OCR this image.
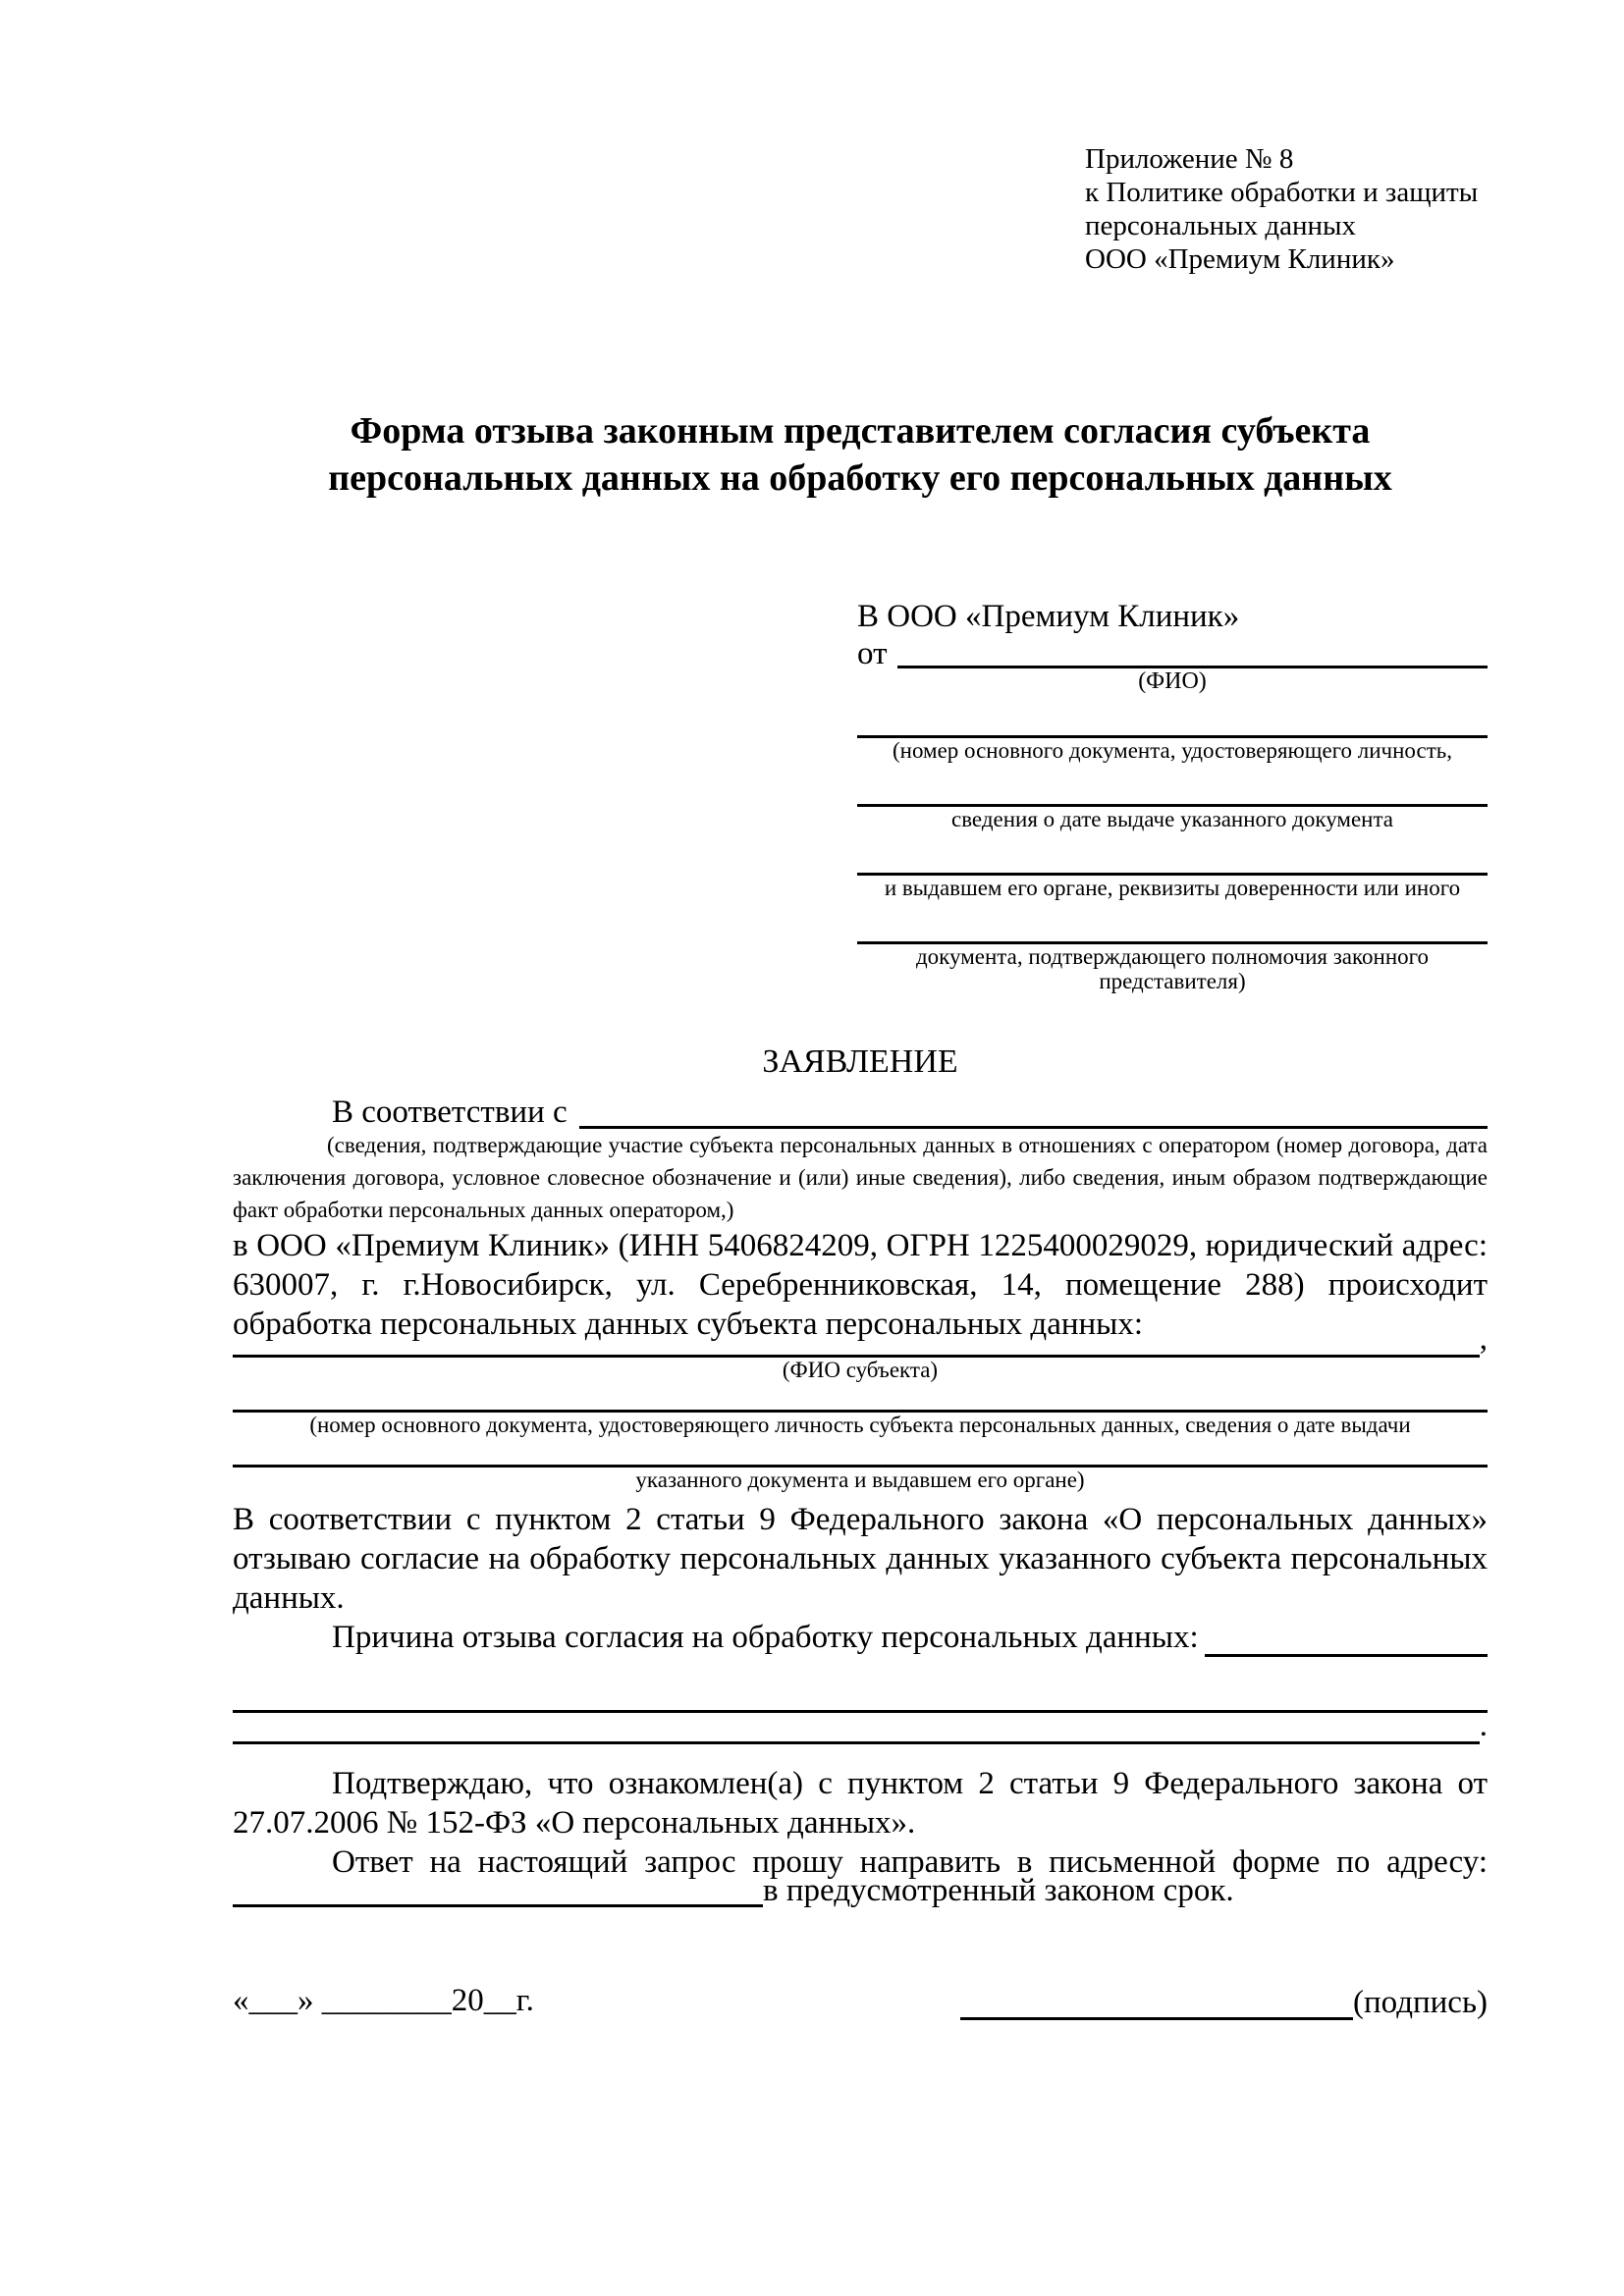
Приложение № 8
к Политике обработки и защиты
персональных данных
ООО «Премиум Клиник»
Форма отзыва законным представителем согласия субъекта
персональных данных на обработку его персональных данных
В ООО «Премиум Клиник»
от
(ФИО)
(номер основного документа, удостоверяющего личность,
сведения о дате выдаче указанного документа
и выдавшем его органе, реквизиты доверенности или иного
документа, подтверждающего полномочия законного представителя)
ЗАЯВЛЕНИЕ
В соответствии с
(сведения, подтверждающие участие субъекта персональных данных в отношениях с оператором (номер договора, дата заключения договора, условное словесное обозначение и (или) иные сведения), либо сведения, иным образом подтверждающие факт обработки персональных данных оператором,)
в ООО «Премиум Клиник» (ИНН 5406824209, ОГРН 1225400029029, юридический адрес: 630007, г. г.Новосибирск, ул. Серебренниковская, 14, помещение 288) происходит обработка персональных данных субъекта персональных данных:	,
(ФИО субъекта)
(номер основного документа, удостоверяющего личность субъекта персональных данных, сведения о дате выдачи
указанного документа и выдавшем его органе)
В соответствии с пунктом 2 статьи 9 Федерального закона «О персональных данных» отзываю согласие на обработку персональных данных указанного субъекта персональных данных.
Причина отзыва согласия на обработку персональных данных:
.
Подтверждаю, что ознакомлен(а) с пунктом 2 статьи 9 Федерального закона от 27.07.2006 № 152-ФЗ «О персональных данных».
Ответ на настоящий запрос прошу направить в письменной форме по адресу:
в предусмотренный законом срок.
«___» ________20__г.	(подпись)
